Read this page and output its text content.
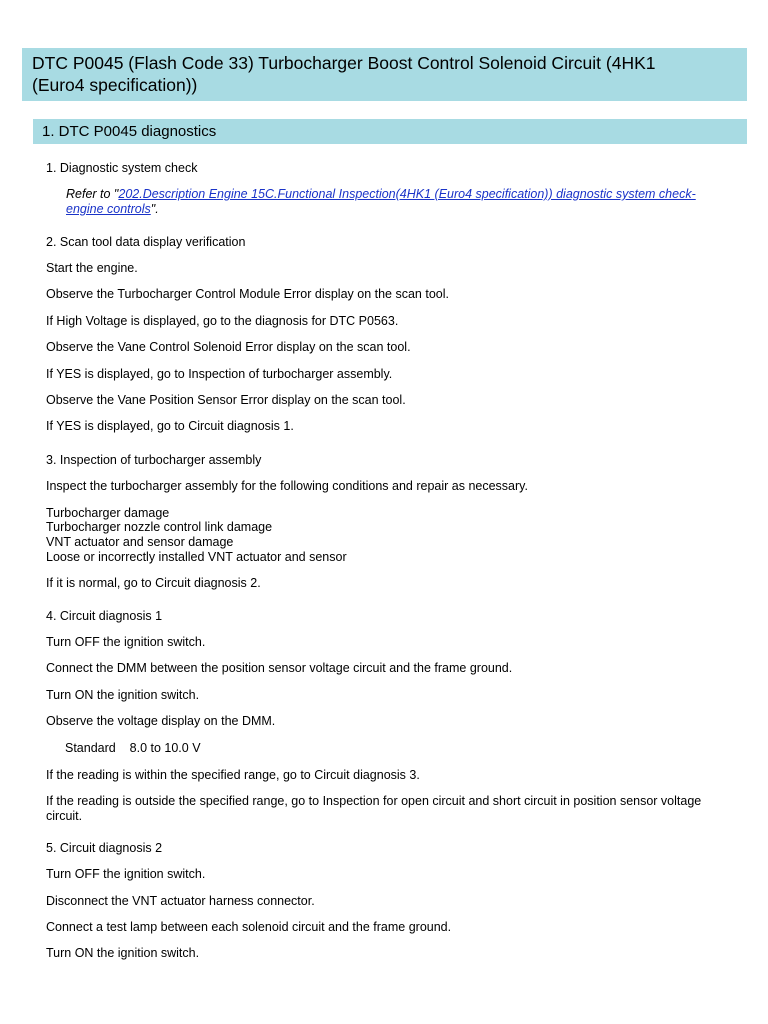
DTC P0045 (Flash Code 33) Turbocharger Boost Control Solenoid Circuit (4HK1
(Euro4 specification))
1. DTC P0045 diagnostics
1. Diagnostic system check
Refer to "202.Description Engine 15C.Functional Inspection(4HK1 (Euro4 specification)) diagnostic system check-engine controls".
2. Scan tool data display verification
Start the engine.
Observe the Turbocharger Control Module Error display on the scan tool.
If High Voltage is displayed, go to the diagnosis for DTC P0563.
Observe the Vane Control Solenoid Error display on the scan tool.
If YES is displayed, go to Inspection of turbocharger assembly.
Observe the Vane Position Sensor Error display on the scan tool.
If YES is displayed, go to Circuit diagnosis 1.
3. Inspection of turbocharger assembly
Inspect the turbocharger assembly for the following conditions and repair as necessary.
Turbocharger damage
Turbocharger nozzle control link damage
VNT actuator and sensor damage
Loose or incorrectly installed VNT actuator and sensor
If it is normal, go to Circuit diagnosis 2.
4. Circuit diagnosis 1
Turn OFF the ignition switch.
Connect the DMM between the position sensor voltage circuit and the frame ground.
Turn ON the ignition switch.
Observe the voltage display on the DMM.
Standard 8.0 to 10.0 V
If the reading is within the specified range, go to Circuit diagnosis 3.
If the reading is outside the specified range, go to Inspection for open circuit and short circuit in position sensor voltage
circuit.
5. Circuit diagnosis 2
Turn OFF the ignition switch.
Disconnect the VNT actuator harness connector.
Connect a test lamp between each solenoid circuit and the frame ground.
Turn ON the ignition switch.
